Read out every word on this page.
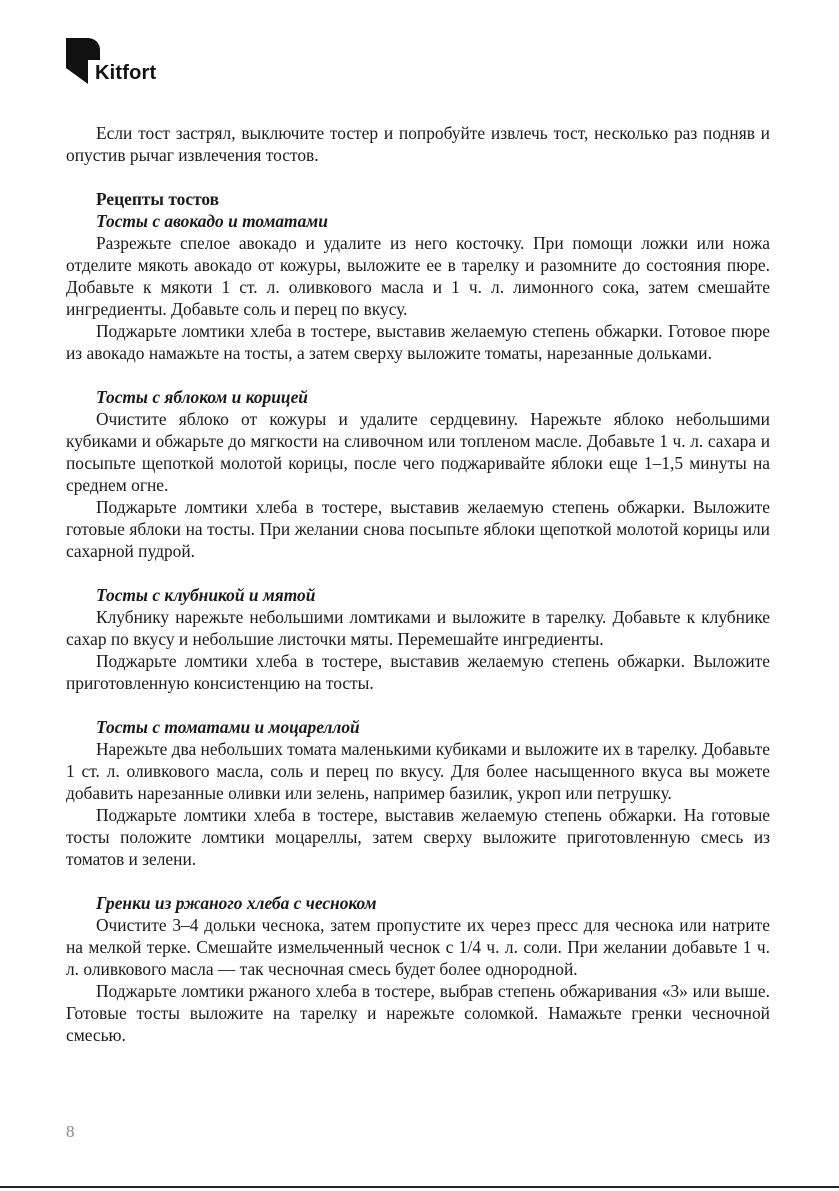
Kitfort

Если тост застрял, выключите тостер и попробуйте извлечь тост, несколько раз подняв и опустив рычаг извлечения тостов.

Рецепты тостов
Тосты с авокадо и томатами

Разрежьте спелое авокадо и удалите из него косточку. При помощи ложки или ножа отделите мякоть авокадо от кожуры, выложите ее в тарелку и разомните до состояния пюре. Добавьте к мякоти 1 ст. л. оливкового масла и 1 ч. л. лимонного сока, затем смешайте ингредиенты. Добавьте соль и перец по вкусу.

Поджарьте ломтики хлеба в тостере, выставив желаемую степень обжарки. Готовое пюре из авокадо намажьте на тосты, а затем сверху выложите томаты, нарезанные дольками.

Тосты с яблоком и корицей

Очистите яблоко от кожуры и удалите сердцевину. Нарежьте яблоко небольшими кубиками и обжарьте до мягкости на сливочном или топленом масле. Добавьте 1 ч. л. сахара и посыпьте щепоткой молотой корицы, после чего поджаривайте яблоки еще 1–1,5 минуты на среднем огне.

Поджарьте ломтики хлеба в тостере, выставив желаемую степень обжарки. Выложите готовые яблоки на тосты. При желании снова посыпьте яблоки щепоткой молотой корицы или сахарной пудрой.

Тосты с клубникой и мятой

Клубнику нарежьте небольшими ломтиками и выложите в тарелку. Добавьте к клубнике сахар по вкусу и небольшие листочки мяты. Перемешайте ингредиенты.

Поджарьте ломтики хлеба в тостере, выставив желаемую степень обжарки. Выложите приготовленную консистенцию на тосты.

Тосты с томатами и моцареллой

Нарежьте два небольших томата маленькими кубиками и выложите их в тарелку. Добавьте 1 ст. л. оливкового масла, соль и перец по вкусу. Для более насыщенного вкуса вы можете добавить нарезанные оливки или зелень, например базилик, укроп или петрушку.

Поджарьте ломтики хлеба в тостере, выставив желаемую степень обжарки. На готовые тосты положите ломтики моцареллы, затем сверху выложите приготовленную смесь из томатов и зелени.

Гренки из ржаного хлеба с чесноком

Очистите 3–4 дольки чеснока, затем пропустите их через пресс для чеснока или натрите на мелкой терке. Смешайте измельченный чеснок с 1/4 ч. л. соли. При желании добавьте 1 ч. л. оливкового масла — так чесночная смесь будет более однородной.

Поджарьте ломтики ржаного хлеба в тостере, выбрав степень обжаривания «3» или выше. Готовые тосты выложите на тарелку и нарежьте соломкой. Намажьте гренки чесночной смесью.

8
